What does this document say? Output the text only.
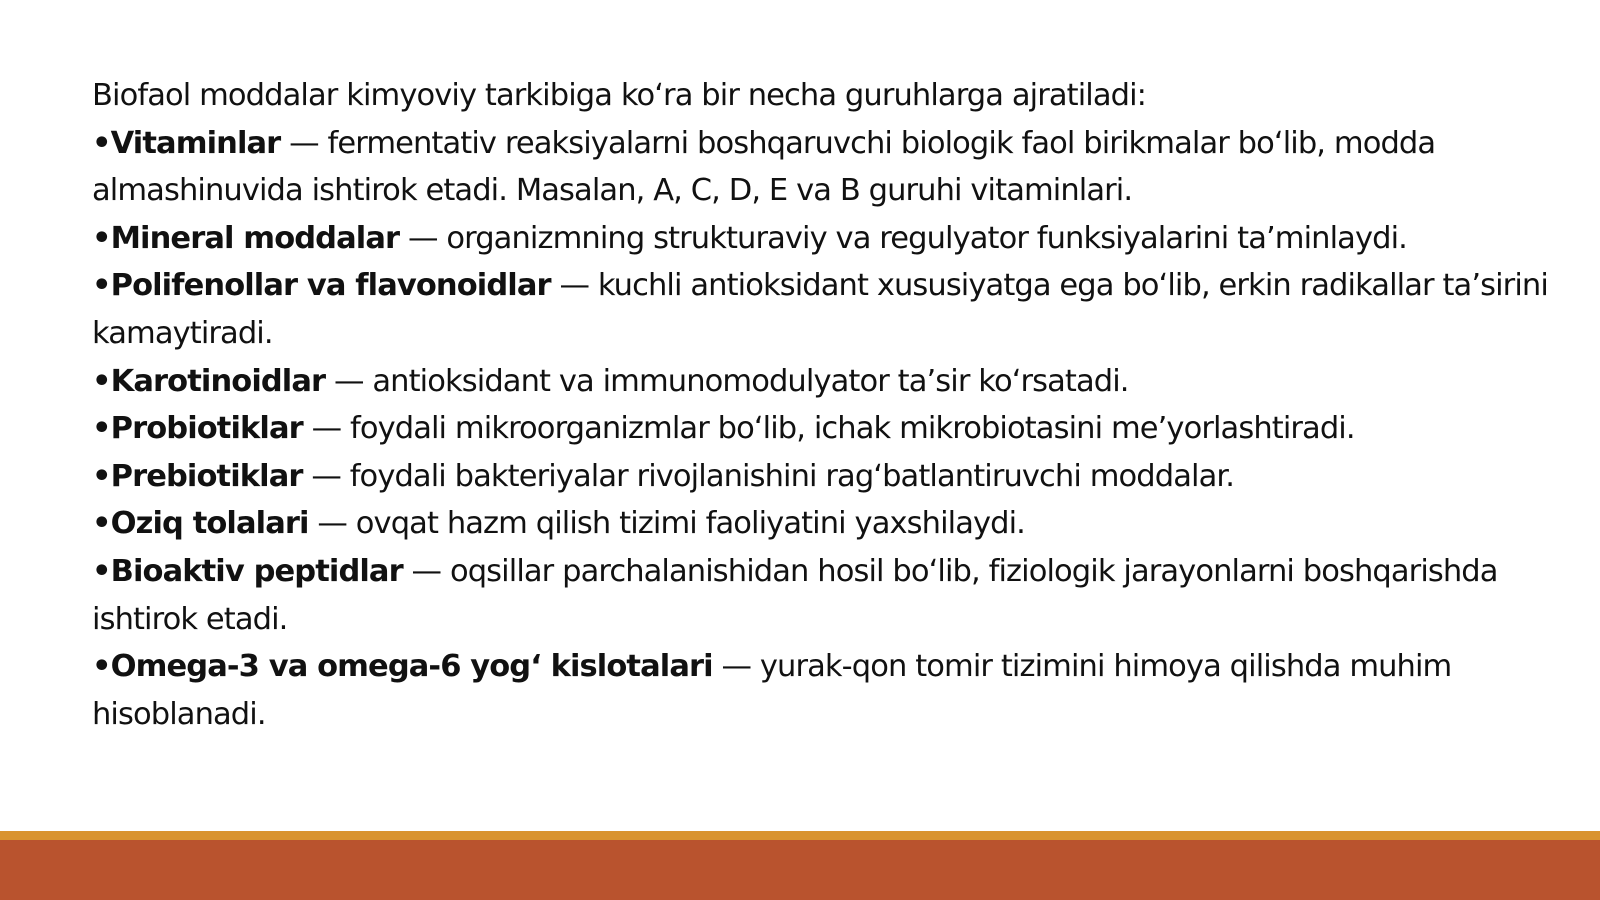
Biofaol moddalar kimyoviy tarkibiga ko‘ra bir necha guruhlarga ajratiladi:

•Vitaminlar — fermentativ reaksiyalarni boshqaruvchi biologik faol birikmalar bo‘lib, modda almashinuvida ishtirok etadi. Masalan, A, C, D, E va B guruhi vitaminlari.
•Mineral moddalar — organizmning strukturaviy va regulyator funksiyalarini ta’minlaydi.
•Polifenollar va flavonoidlar — kuchli antioksidant xususiyatga ega bo‘lib, erkin radikallar ta’sirini kamaytiradi.
•Karotinoidlar — antioksidant va immunomodulyator ta’sir ko‘rsatadi.
•Probiotiklar — foydali mikroorganizmlar bo‘lib, ichak mikrobiotasini me’yorlashtiradi.
•Prebiotiklar — foydali bakteriyalar rivojlanishini rag‘batlantiruvchi moddalar.
•Oziq tolalari — ovqat hazm qilish tizimi faoliyatini yaxshilaydi.
•Bioaktiv peptidlar — oqsillar parchalanishidan hosil bo‘lib, fiziologik jarayonlarni boshqarishda ishtirok etadi.
•Omega-3 va omega-6 yog‘ kislotalari — yurak-qon tomir tizimini himoya qilishda muhim hisoblanadi.
